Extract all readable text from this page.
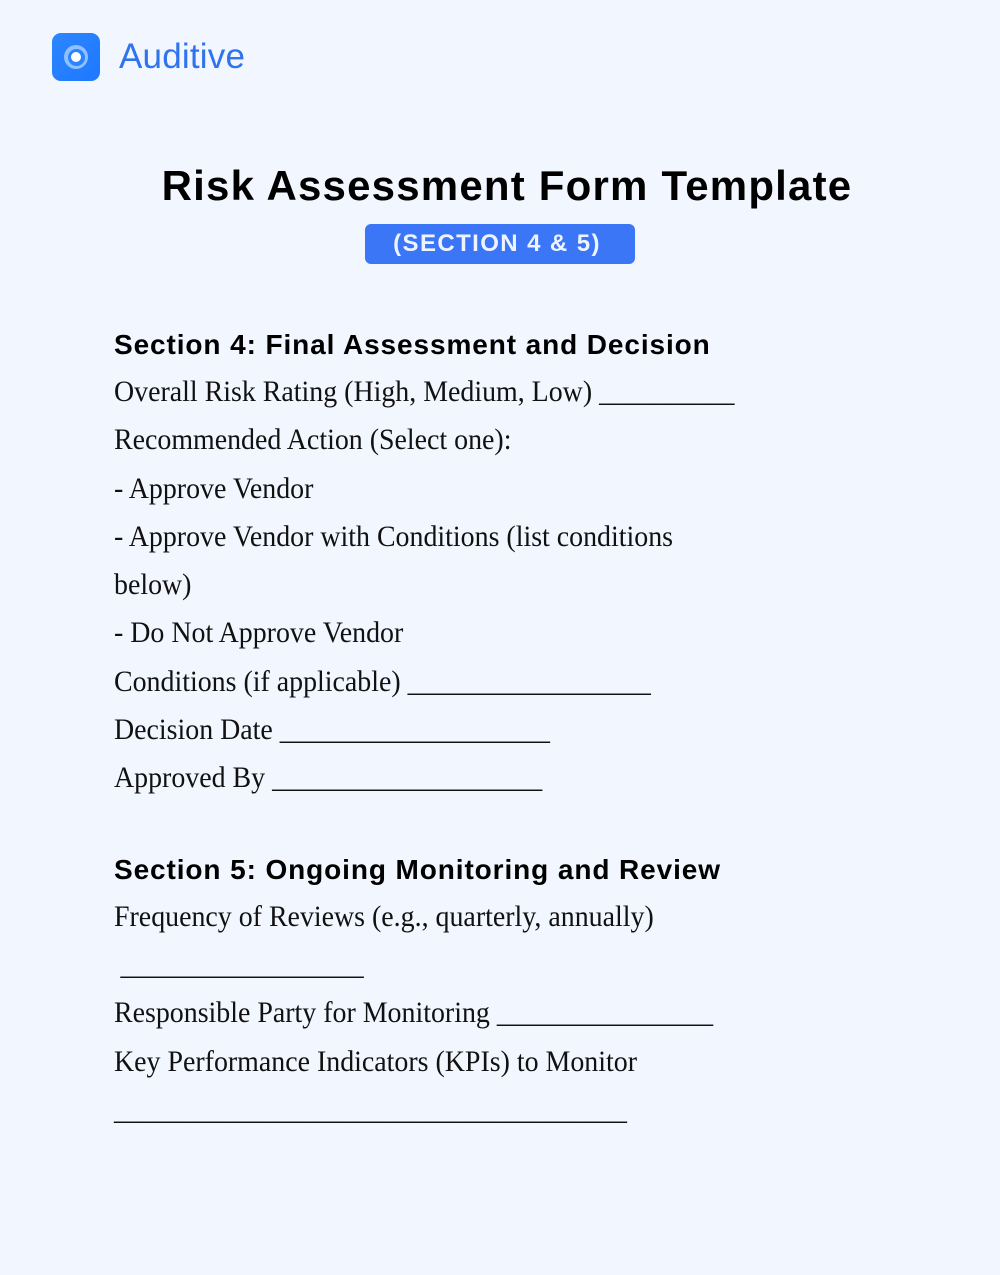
Auditive
Risk Assessment Form Template
(SECTION 4 & 5)
Section 4: Final Assessment and Decision
Overall Risk Rating (High, Medium, Low) __________
Recommended Action (Select one):
- Approve Vendor
- Approve Vendor with Conditions (list conditions
below)
- Do Not Approve Vendor
Conditions (if applicable) __________________
Decision Date ____________________
Approved By ____________________
Section 5: Ongoing Monitoring and Review
Frequency of Reviews (e.g., quarterly, annually)
__________________
Responsible Party for Monitoring ________________
Key Performance Indicators (KPIs) to Monitor
______________________________________
